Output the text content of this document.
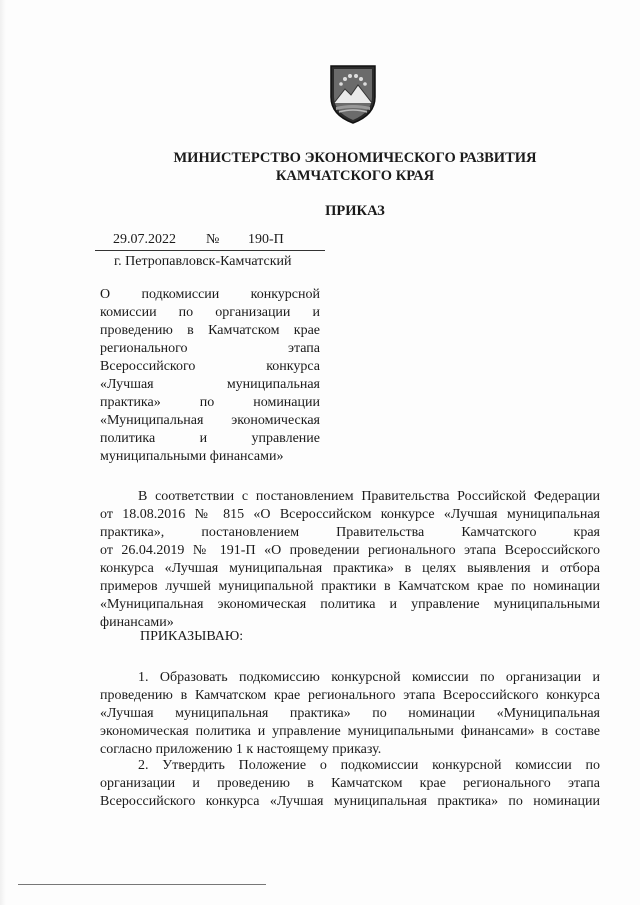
МИНИСТЕРСТВО ЭКОНОМИЧЕСКОГО РАЗВИТИЯ
КАМЧАТСКОГО КРАЯ
ПРИКАЗ
29.07.2022 № 190-П
г. Петропавловск-Камчатский
О подкомиссии конкурсной
комиссии по организации и
проведению в Камчатском крае
регионального этапа
Всероссийского конкурса
«Лучшая муниципальная
практика» по номинации
«Муниципальная экономическая
политика и управление
муниципальными финансами»
В соответствии с постановлением Правительства Российской Федерации
от 18.08.2016 № 815 «О Всероссийском конкурсе «Лучшая муниципальная
практика», постановлением Правительства Камчатского края
от 26.04.2019 № 191-П «О проведении регионального этапа Всероссийского
конкурса «Лучшая муниципальная практика» в целях выявления и отбора
примеров лучшей муниципальной практики в Камчатском крае по номинации
«Муниципальная экономическая политика и управление муниципальными
финансами»
ПРИКАЗЫВАЮ:
1. Образовать подкомиссию конкурсной комиссии по организации и
проведению в Камчатском крае регионального этапа Всероссийского конкурса
«Лучшая муниципальная практика» по номинации «Муниципальная
экономическая политика и управление муниципальными финансами» в составе
согласно приложению 1 к настоящему приказу.
2. Утвердить Положение о подкомиссии конкурсной комиссии по
организации и проведению в Камчатском крае регионального этапа
Всероссийского конкурса «Лучшая муниципальная практика» по номинации
